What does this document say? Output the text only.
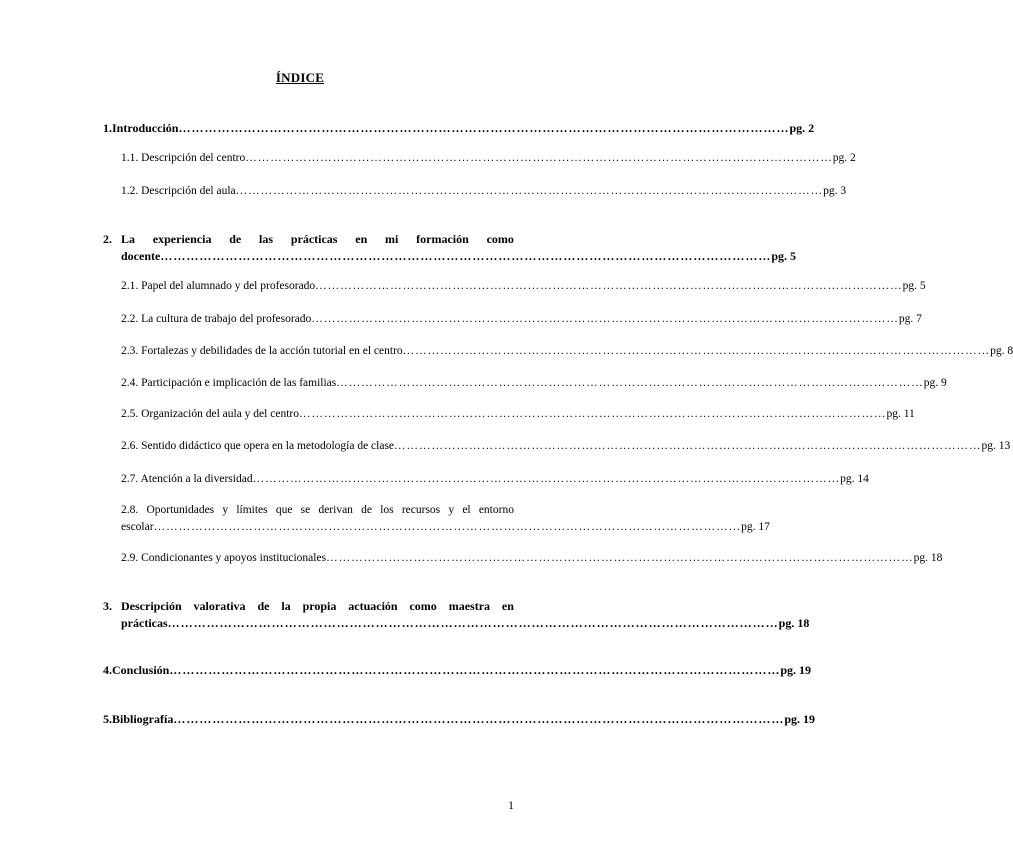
ÍNDICE
1. Introducción …………………………………………………………………………………………………………………………… pg. 2
1.1. Descripción del centro …………………………………………………………………………………………………………………………… pg. 2
1.2. Descripción del aula …………………………………………………………………………………………………………………………… pg. 3
2. La experiencia de las prácticas en mi formación como
docente …………………………………………………………………………………………………………………………… pg. 5
2.1. Papel del alumnado y del profesorado …………………………………………………………………………………………………………………………… pg. 5
2.2. La cultura de trabajo del profesorado …………………………………………………………………………………………………………………………… pg. 7
2.3. Fortalezas y debilidades de la acción tutorial en el centro …………………………………………………………………………………………………………………………… pg. 8
2.4. Participación e implicación de las familias …………………………………………………………………………………………………………………………… pg. 9
2.5. Organización del aula y del centro …………………………………………………………………………………………………………………………… pg. 11
2.6. Sentido didáctico que opera en la metodología de clase …………………………………………………………………………………………………………………………… pg. 13
2.7. Atención a la diversidad …………………………………………………………………………………………………………………………… pg. 14
2.8. Oportunidades y límites que se derivan de los recursos y el entorno
escolar …………………………………………………………………………………………………………………………… pg. 17
2.9. Condicionantes y apoyos institucionales …………………………………………………………………………………………………………………………… pg. 18
3. Descripción valorativa de la propia actuación como maestra en
prácticas …………………………………………………………………………………………………………………………… pg. 18
4. Conclusión …………………………………………………………………………………………………………………………… pg. 19
5. Bibliografía …………………………………………………………………………………………………………………………… pg. 19
1
